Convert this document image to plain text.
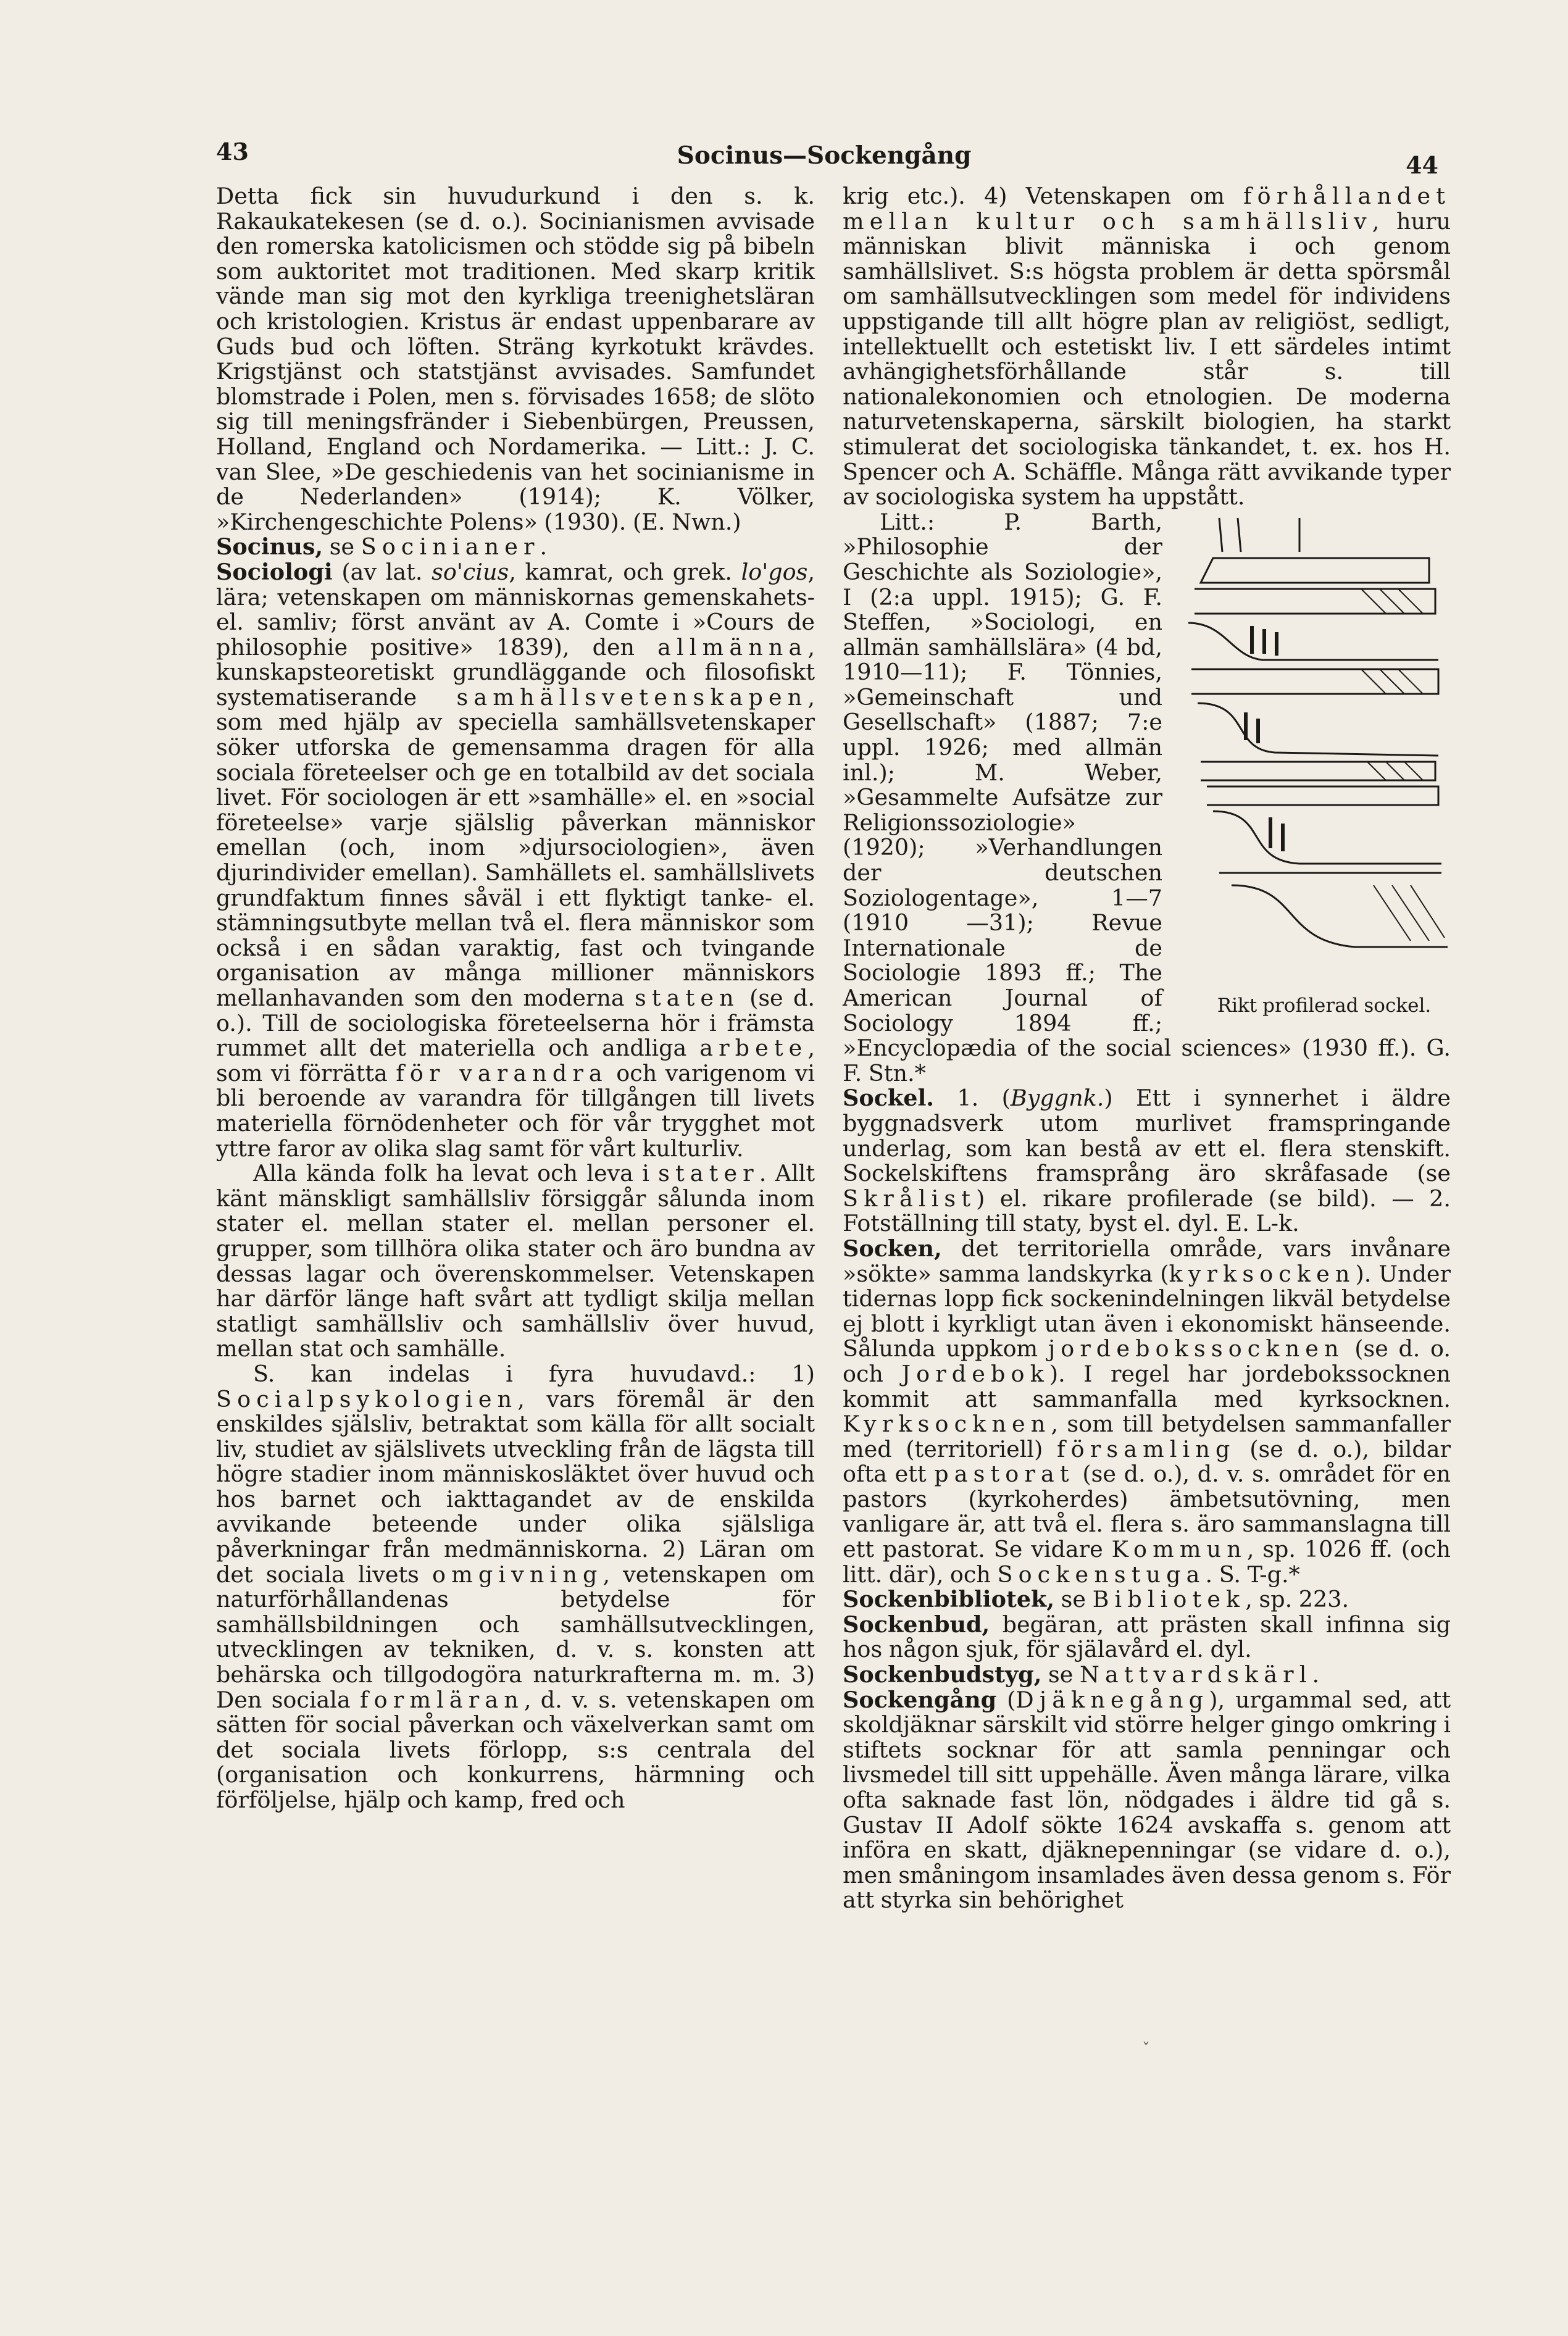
43	Socinus—Sockengång	44

Detta fick sin huvudurkund i den s. k. Rakaukatekesen (se d. o.). Socinianismen avvisade den romerska katolicismen och stödde sig på bibeln som auktoritet mot traditionen. Med skarp kritik vände man sig mot den kyrkliga treenighetsläran och kristologien. Kristus är endast uppenbarare av Guds bud och löften. Sträng kyrkotukt krävdes. Krigstjänst och statstjänst avvisades. Samfundet blomstrade i Polen, men s. förvisades 1658; de slöto sig till meningsfränder i Siebenbürgen, Preussen, Holland, England och Nordamerika. — Litt.: J. C. van Slee, »De geschiedenis van het socinianisme in de Nederlanden» (1914); K. Völker, »Kirchengeschichte Polens» (1930). (E. Nwn.)

Socinus, se Socinianer.

Sociologi (av lat. so'cius, kamrat, och grek. lo'gos, lära; vetenskapen om människornas gemenskahets- el. samliv; först använt av A. Comte i »Cours de philosophie positive» 1839), den allmänna, kunskapsteoretiskt grundläggande och filosofiskt systematiserande samhällsvetenskapen, som med hjälp av speciella samhällsvetenskaper söker utforska de gemensamma dragen för alla sociala företeelser och ge en totalbild av det sociala livet. För sociologen är ett »samhälle» el. en »social företeelse» varje själslig påverkan människor emellan (och, inom »djursociologien», även djurindivider emellan). Samhällets el. samhällslivets grundfaktum finnes såväl i ett flyktigt tanke- el. stämningsutbyte mellan två el. flera människor som också i en sådan varaktig, fast och tvingande organisation av många millioner människors mellanhavanden som den moderna staten (se d. o.). Till de sociologiska företeelserna hör i främsta rummet allt det materiella och andliga arbete, som vi förrätta för varandra och varigenom vi bli beroende av varandra för tillgången till livets materiella förnödenheter och för vår trygghet mot yttre faror av olika slag samt för vårt kulturliv.

Alla kända folk ha levat och leva i stater. Allt känt mänskligt samhällsliv försiggår sålunda inom stater el. mellan stater el. mellan personer el. grupper, som tillhöra olika stater och äro bundna av dessas lagar och överenskommelser. Vetenskapen har därför länge haft svårt att tydligt skilja mellan statligt samhällsliv och samhällsliv över huvud, mellan stat och samhälle.

S. kan indelas i fyra huvudavd.: 1) Socialpsykologien, vars föremål är den enskildes själsliv, betraktat som källa för allt socialt liv, studiet av själslivets utveckling från de lägsta till högre stadier inom människosläktet över huvud och hos barnet och iakttagandet av de enskilda avvikande beteende under olika själsliga påverkningar från medmänniskorna. 2) Läran om det sociala livets omgivning, vetenskapen om naturförhållandenas betydelse för samhällsbildningen och samhällsutvecklingen, utvecklingen av tekniken, d. v. s. konsten att behärska och tillgodogöra naturkrafterna m. m. 3) Den sociala formläran, d. v. s. vetenskapen om sätten för social påverkan och växelverkan samt om det sociala livets förlopp, s:s centrala del (organisation och konkurrens, härmning och förföljelse, hjälp och kamp, fred och

krig etc.). 4) Vetenskapen om förhållandet mellan kultur och samhällsliv, huru människan blivit människa i och genom samhällslivet. S:s högsta problem är detta spörsmål om samhällsutvecklingen som medel för individens uppstigande till allt högre plan av religiöst, sedligt, intellektuellt och estetiskt liv. I ett särdeles intimt avhängighetsförhållande står s. till nationalekonomien och etnologien. De moderna naturvetenskaperna, särskilt biologien, ha starkt stimulerat det sociologiska tänkandet, t. ex. hos H. Spencer och A. Schäffle. Många rätt avvikande typer av sociologiska system ha uppstått.

Rikt profilerad sockel.

Litt.: P. Barth, »Philosophie der Geschichte als Soziologie», I (2:a uppl. 1915); G. F. Steffen, »Sociologi, en allmän samhällslära» (4 bd, 1910—11); F. Tönnies, »Gemeinschaft und Gesellschaft» (1887; 7:e uppl. 1926; med allmän inl.); M. Weber, »Gesammelte Aufsätze zur Religionssoziologie» (1920); »Verhandlungen der deutschen Soziologentage», 1—7 (1910 —31); Revue Internationale de Sociologie 1893 ff.; The American Journal of Sociology 1894 ff.; »Encyclopædia of the social sciences» (1930 ff.). G. F. Stn.*

Sockel. 1. (Byggnk.) Ett i synnerhet i äldre byggnadsverk utom murlivet framspringande underlag, som kan bestå av ett el. flera stenskift. Sockelskiftens framsprång äro skråfasade (se Skrålist) el. rikare profilerade (se bild). — 2. Fotställning till staty, byst el. dyl. E. L-k.

Socken, det territoriella område, vars invånare »sökte» samma landskyrka (kyrksocken). Under tidernas lopp fick sockenindelningen likväl betydelse ej blott i kyrkligt utan även i ekonomiskt hänseende. Sålunda uppkom jordebokssocknen (se d. o. och Jordebok). I regel har jordebokssocknen kommit att sammanfalla med kyrksocknen. Kyrksocknen, som till betydelsen sammanfaller med (territoriell) församling (se d. o.), bildar ofta ett pastorat (se d. o.), d. v. s. området för en pastors (kyrkoherdes) ämbetsutövning, men vanligare är, att två el. flera s. äro sammanslagna till ett pastorat. Se vidare Kommun, sp. 1026 ff. (och litt. där), och Sockenstuga. S. T-g.*

Sockenbibliotek, se Bibliotek, sp. 223.

Sockenbud, begäran, att prästen skall infinna sig hos någon sjuk, för själavård el. dyl.

Sockenbudstyg, se Nattvardskärl.

Sockengång (Djäknegång), urgammal sed, att skoldjäknar särskilt vid större helger gingo omkring i stiftets socknar för att samla penningar och livsmedel till sitt uppehälle. Även många lärare, vilka ofta saknade fast lön, nödgades i äldre tid gå s. Gustav II Adolf sökte 1624 avskaffa s. genom att införa en skatt, djäknepenningar (se vidare d. o.), men småningom insamlades även dessa genom s. För att styrka sin behörighet

ˇ
